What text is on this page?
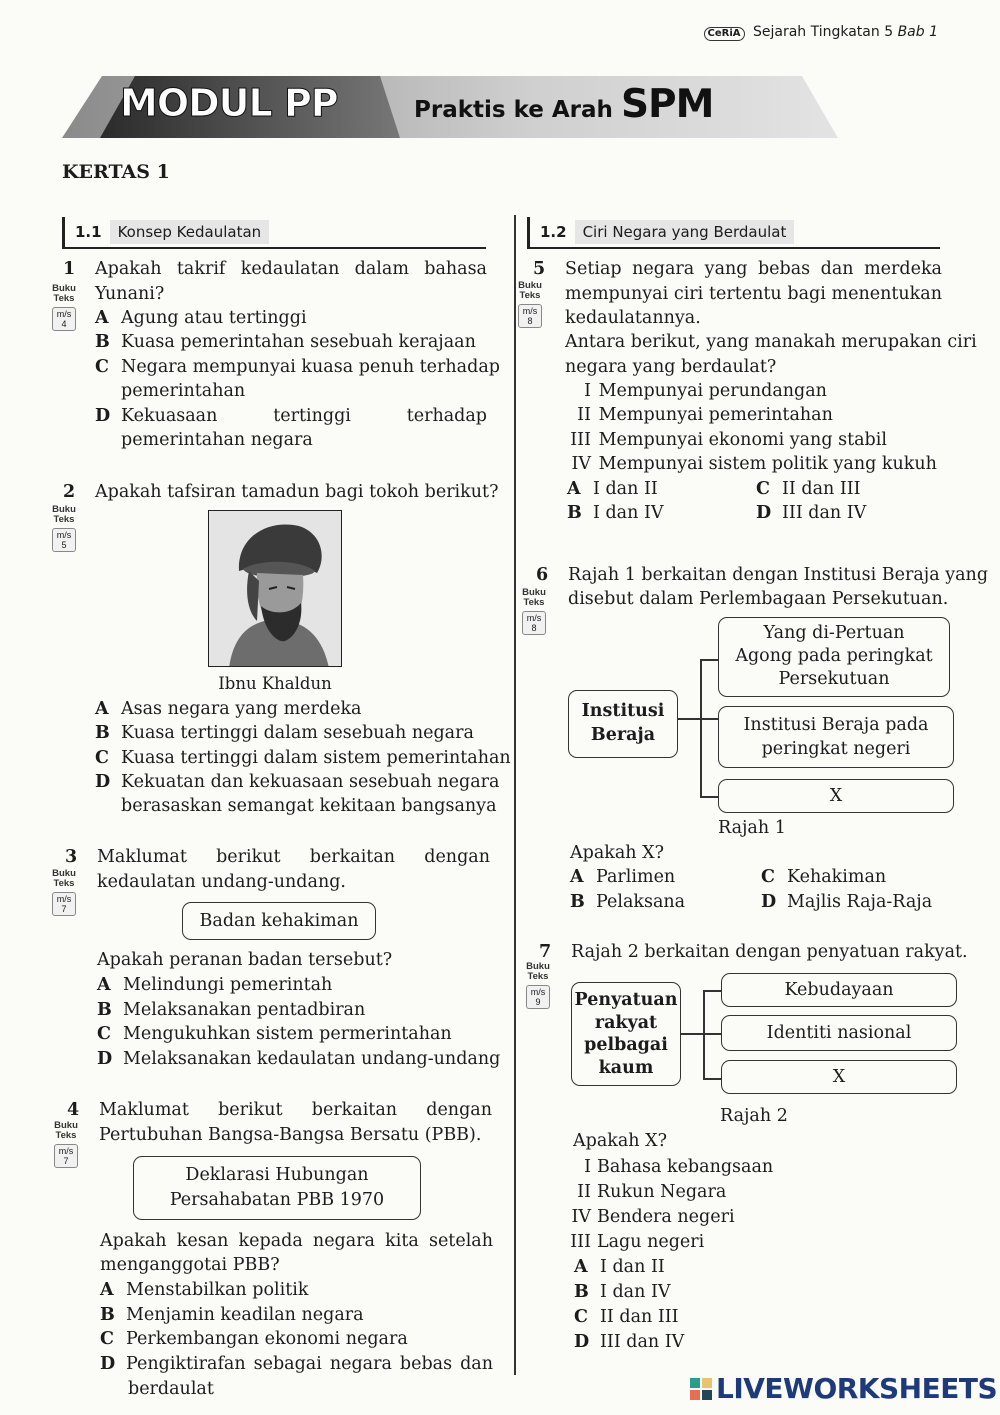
CeRiA Sejarah Tingkatan 5 Bab 1
MODUL PP	Praktis ke Arah SPM
KERTAS 1
1.1 Konsep Kedaulatan	1.2 Ciri Negara yang Berdaulat
1
Buku
Teks
m/s
4
Apakah takrif kedaulatan dalam bahasa
Yunani?
A Agung atau tertinggi
B Kuasa pemerintahan sesebuah kerajaan
C Negara mempunyai kuasa penuh terhadap
pemerintahan
D Kekuasaan tertinggi terhadap
pemerintahan negara
2
Buku
Teks
m/s
5
Apakah tafsiran tamadun bagi tokoh berikut?
Ibnu Khaldun
A Asas negara yang merdeka
B Kuasa tertinggi dalam sesebuah negara
C Kuasa tertinggi dalam sistem pemerintahan
D Kekuatan dan kekuasaan sesebuah negara
berasaskan semangat kekitaan bangsanya
3
Buku
Teks
m/s
7
Maklumat berikut berkaitan dengan
kedaulatan undang-undang.
Badan kehakiman
Apakah peranan badan tersebut?
A Melindungi pemerintah
B Melaksanakan pentadbiran
C Mengukuhkan sistem permerintahan
D Melaksanakan kedaulatan undang-undang
4
Buku
Teks
m/s
7
Maklumat berikut berkaitan dengan
Pertubuhan Bangsa-Bangsa Bersatu (PBB).
Deklarasi Hubungan
Persahabatan PBB 1970
Apakah kesan kepada negara kita setelah
menganggotai PBB?
A Menstabilkan politik
B Menjamin keadilan negara
C Perkembangan ekonomi negara
D Pengiktirafan sebagai negara bebas dan
berdaulat
5
Buku
Teks
m/s
8
Setiap negara yang bebas dan merdeka
mempunyai ciri tertentu bagi menentukan
kedaulatannya.
Antara berikut, yang manakah merupakan ciri
negara yang berdaulat?
I Mempunyai perundangan
II Mempunyai pemerintahan
III Mempunyai ekonomi yang stabil
IV Mempunyai sistem politik yang kukuh
A I dan II
B I dan IV
C II dan III
D III dan IV
6
Buku
Teks
m/s
8
Rajah 1 berkaitan dengan Institusi Beraja yang
disebut dalam Perlembagaan Persekutuan.
Institusi
Beraja
Yang di-Pertuan
Agong pada peringkat
Persekutuan
Institusi Beraja pada
peringkat negeri
X
Rajah 1
Apakah X?
A Parlimen
B Pelaksana
C Kehakiman
D Majlis Raja-Raja
7
Buku
Teks
m/s
9
Rajah 2 berkaitan dengan penyatuan rakyat.
Penyatuan
rakyat
pelbagai
kaum
Kebudayaan
Identiti nasional
X
Rajah 2
Apakah X?
I Bahasa kebangsaan
II Rukun Negara
IV Bendera negeri
III Lagu negeri
A I dan II
B I dan IV
C II dan III
D III dan IV
LIVEWORKSHEETS
